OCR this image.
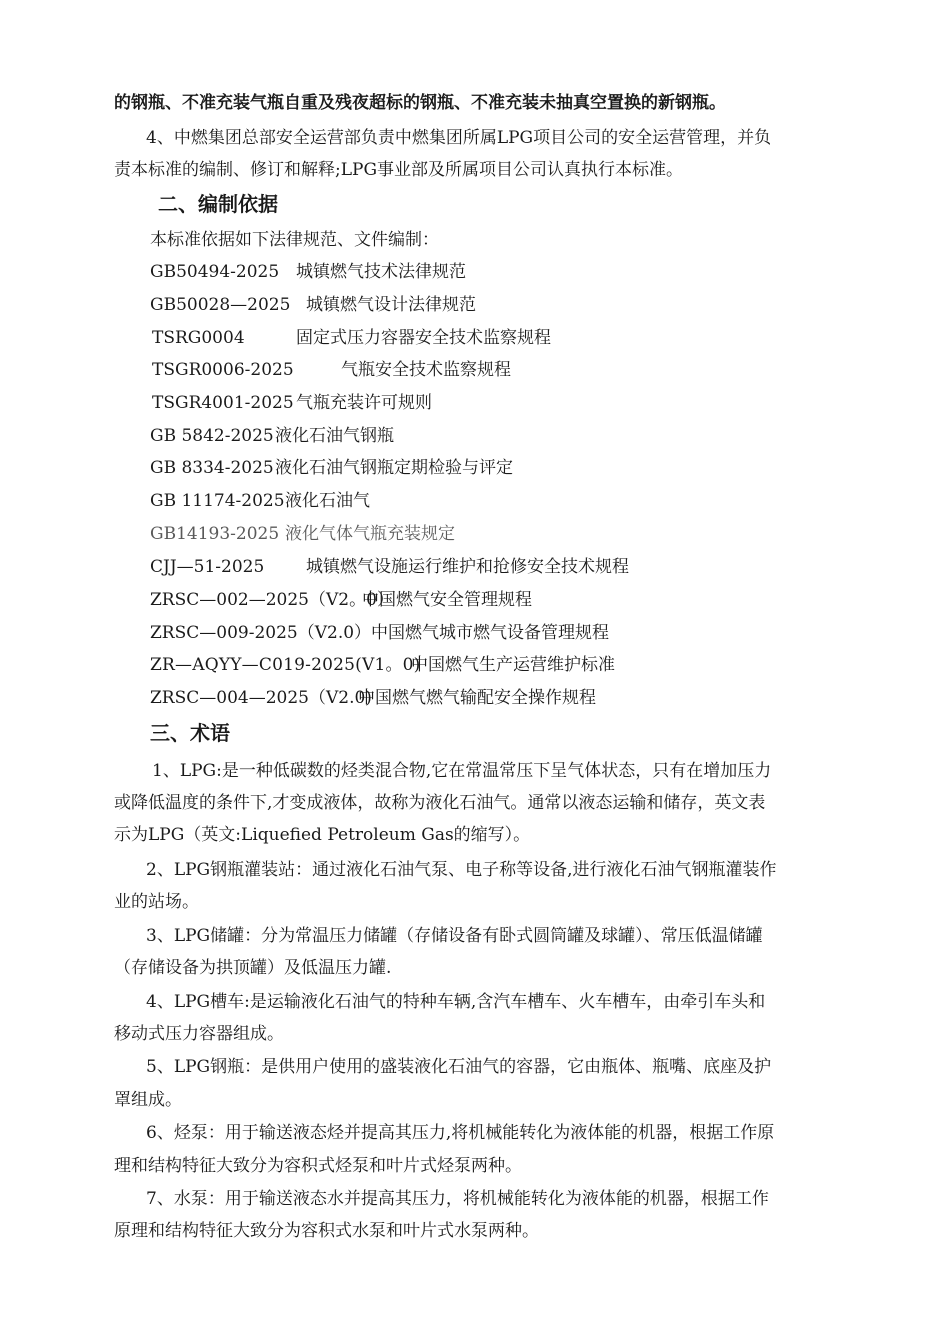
的钢瓶、不准充装气瓶自重及残夜超标的钢瓶、不准充装未抽真空置换的新钢瓶。
4、中燃集团总部安全运营部负责中燃集团所属LPG项目公司的安全运营管理，并负
责本标准的编制、修订和解释;LPG事业部及所属项目公司认真执行本标准。
二、编制依据
本标准依据如下法律规范、文件编制：
GB50494-2025 城镇燃气技术法律规范
GB50028—2025 城镇燃气设计法律规范
TSRG0004	固定式压力容器安全技术监察规程
TSGR0006-2025	气瓶安全技术监察规程
TSGR4001-2025 气瓶充装许可规则
GB 5842-2025 液化石油气钢瓶
GB 8334-2025 液化石油气钢瓶定期检验与评定
GB 11174-2025 液化石油气
GB14193-2025 液化气体气瓶充装规定
CJJ—51-2025 城镇燃气设施运行维护和抢修安全技术规程
ZRSC—002—2025（V2。0）
中国燃气安全管理规程
ZRSC—009-2025（V2.0） 中国燃气城市燃气设备管理规程
ZR—AQYY—C019-2025(V1。0)
中国燃气生产运营维护标准
ZRSC—004—2025（V2.0)
中国燃气燃气输配安全操作规程
三、术语
1、LPG:是一种低碳数的烃类混合物,它在常温常压下呈气体状态，只有在增加压力
或降低温度的条件下,才变成液体，故称为液化石油气。通常以液态运输和储存，英文表
示为LPG（英文:Liquefied Petroleum Gas的缩写）。
2、LPG钢瓶灌装站：通过液化石油气泵、电子称等设备,进行液化石油气钢瓶灌装作
业的站场。
3、LPG储罐：分为常温压力储罐（存储设备有卧式圆筒罐及球罐）、常压低温储罐
（存储设备为拱顶罐）及低温压力罐.
4、LPG槽车:是运输液化石油气的特种车辆,含汽车槽车、火车槽车，由牵引车头和
移动式压力容器组成。
5、LPG钢瓶：是供用户使用的盛装液化石油气的容器，它由瓶体、瓶嘴、底座及护
罩组成。
6、烃泵：用于输送液态烃并提高其压力,将机械能转化为液体能的机器，根据工作原
理和结构特征大致分为容积式烃泵和叶片式烃泵两种。
7、水泵：用于输送液态水并提高其压力，将机械能转化为液体能的机器，根据工作
原理和结构特征大致分为容积式水泵和叶片式水泵两种。
